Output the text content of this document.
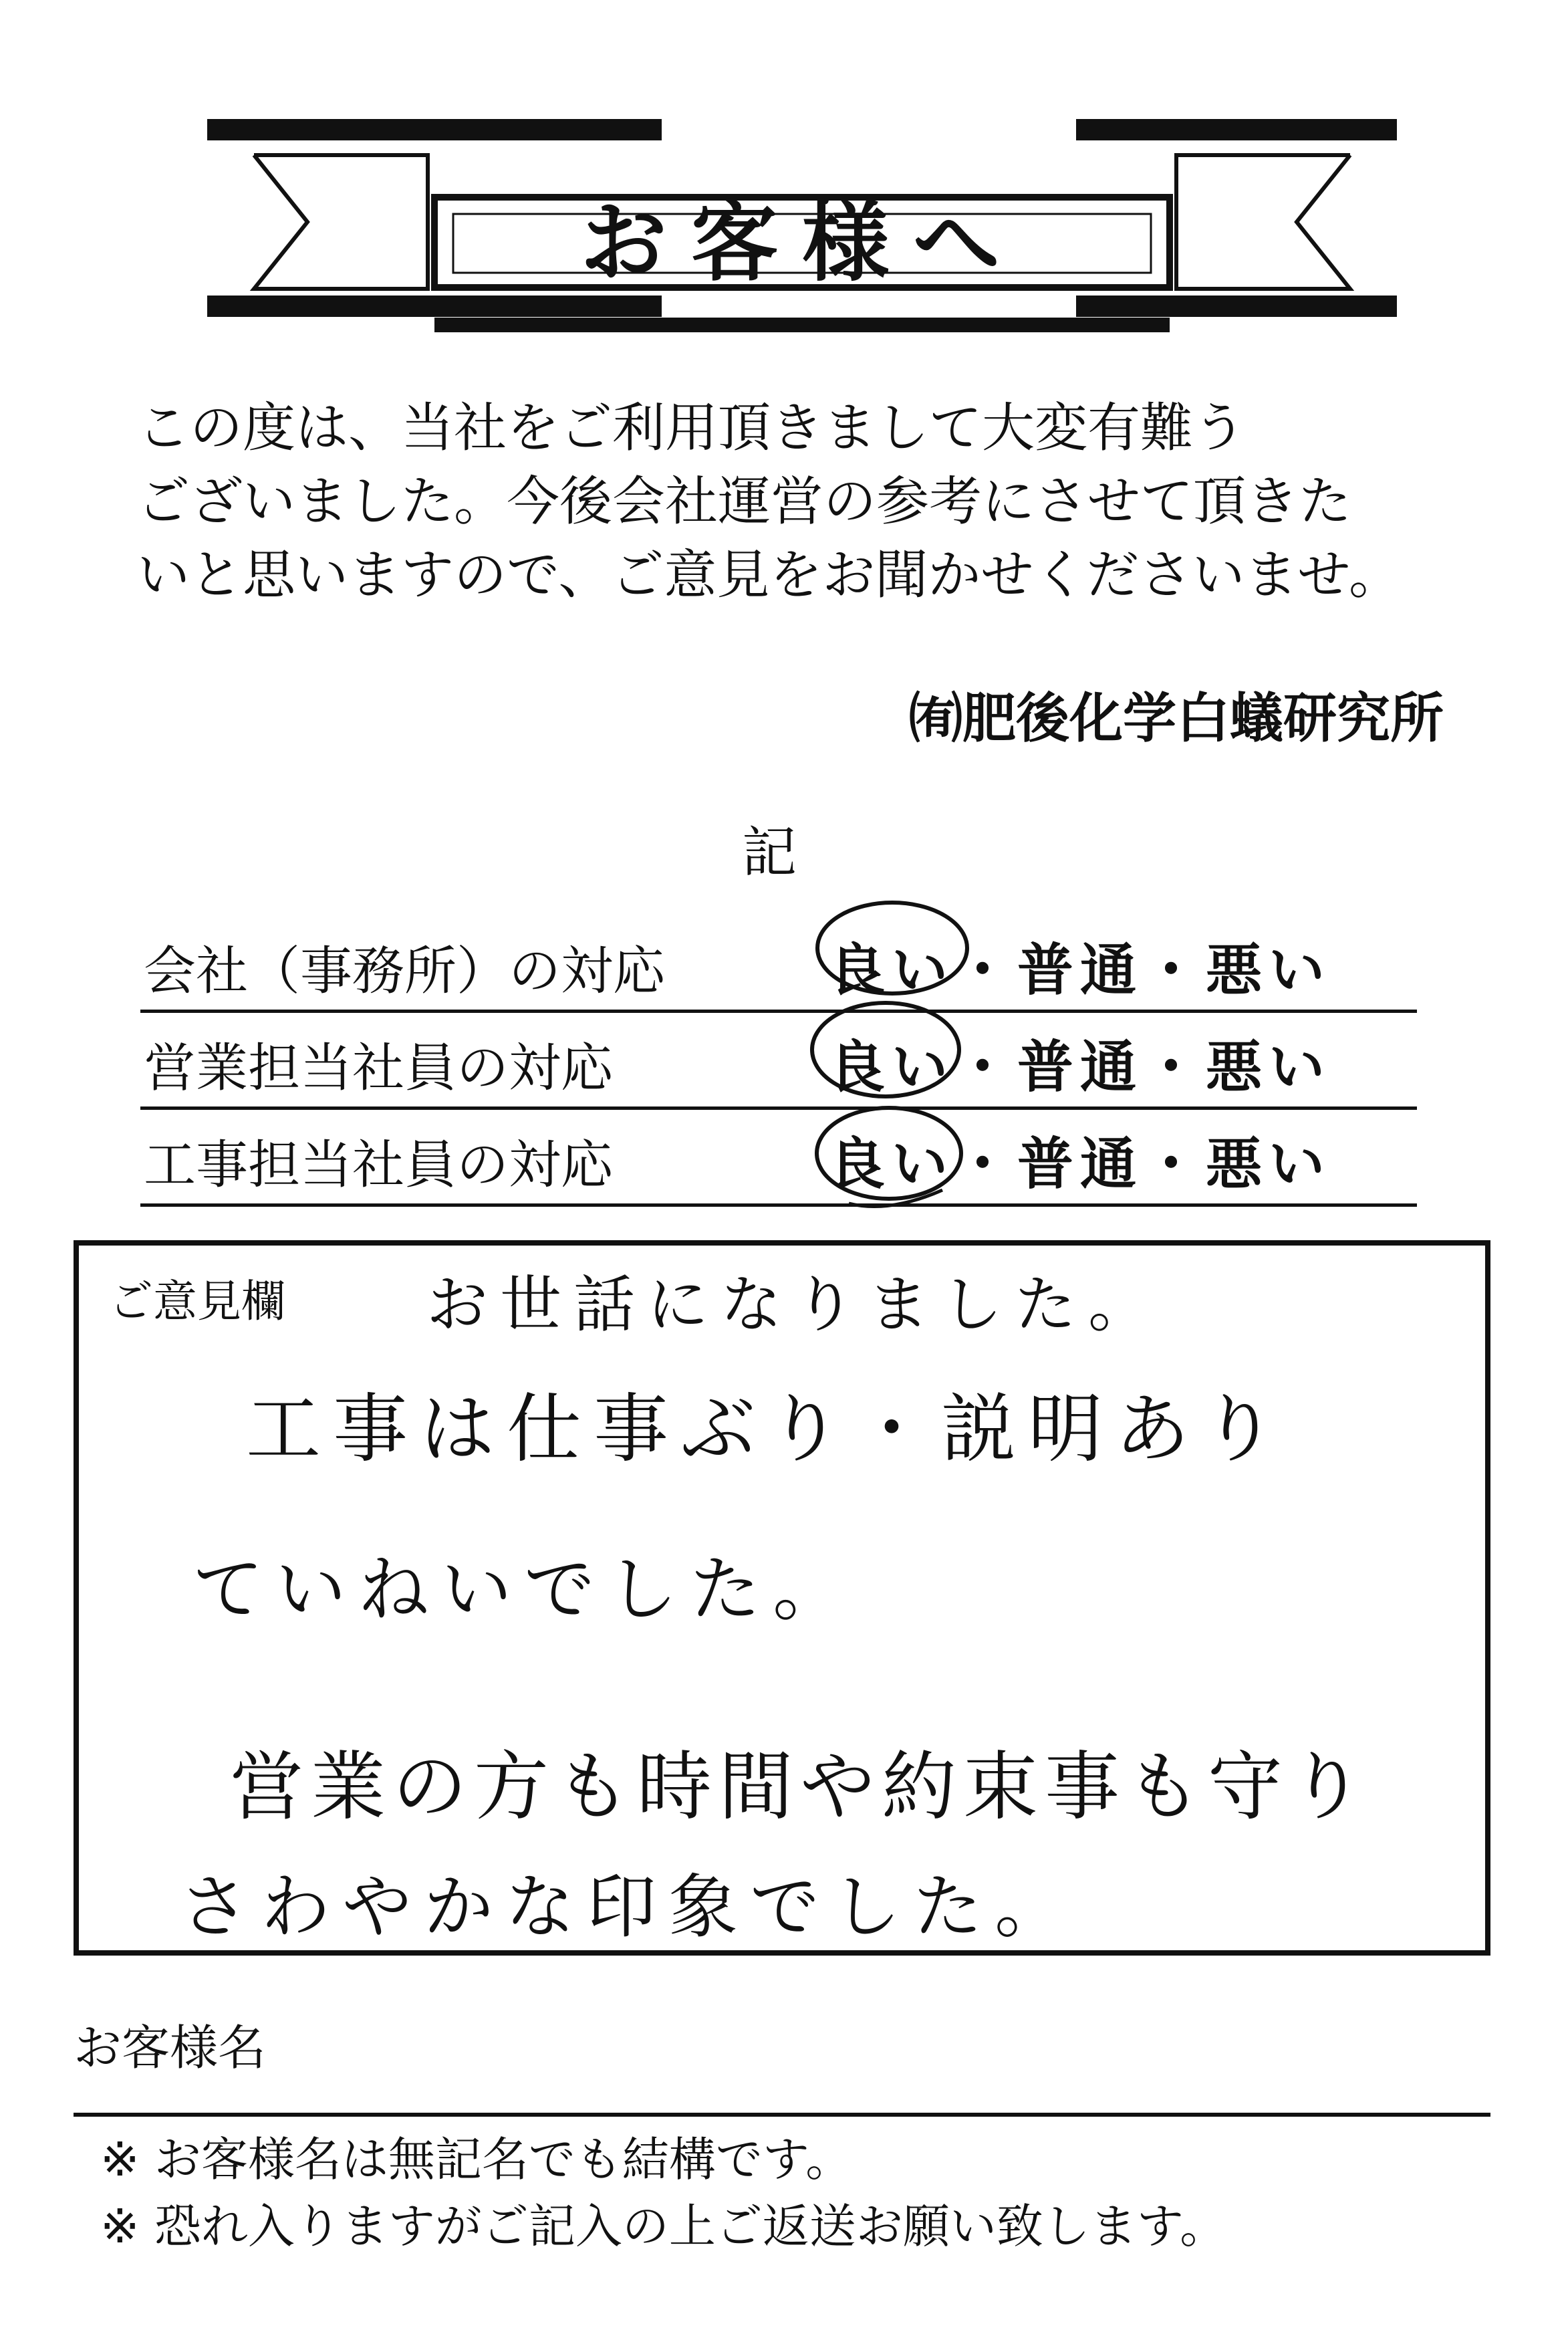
お客様へ
この度は、当社をご利用頂きまして大変有難う
ございました。今後会社運営の参考にさせて頂きた
いと思いますので、ご意見をお聞かせくださいませ。
㈲肥後化学白蟻研究所
記
会社（事務所）の対応	良い・普通・悪い
営業担当社員の対応	良い・普通・悪い
工事担当社員の対応	良い・普通・悪い
ご意見欄 お世話になりました。
工事は仕事ぶり・説明あり
ていねいでした。
営業の方も時間や約束事も守り
さわやかな印象でした。
お客様名
※ お客様名は無記名でも結構です。
※ 恐れ入りますがご記入の上ご返送お願い致します。
